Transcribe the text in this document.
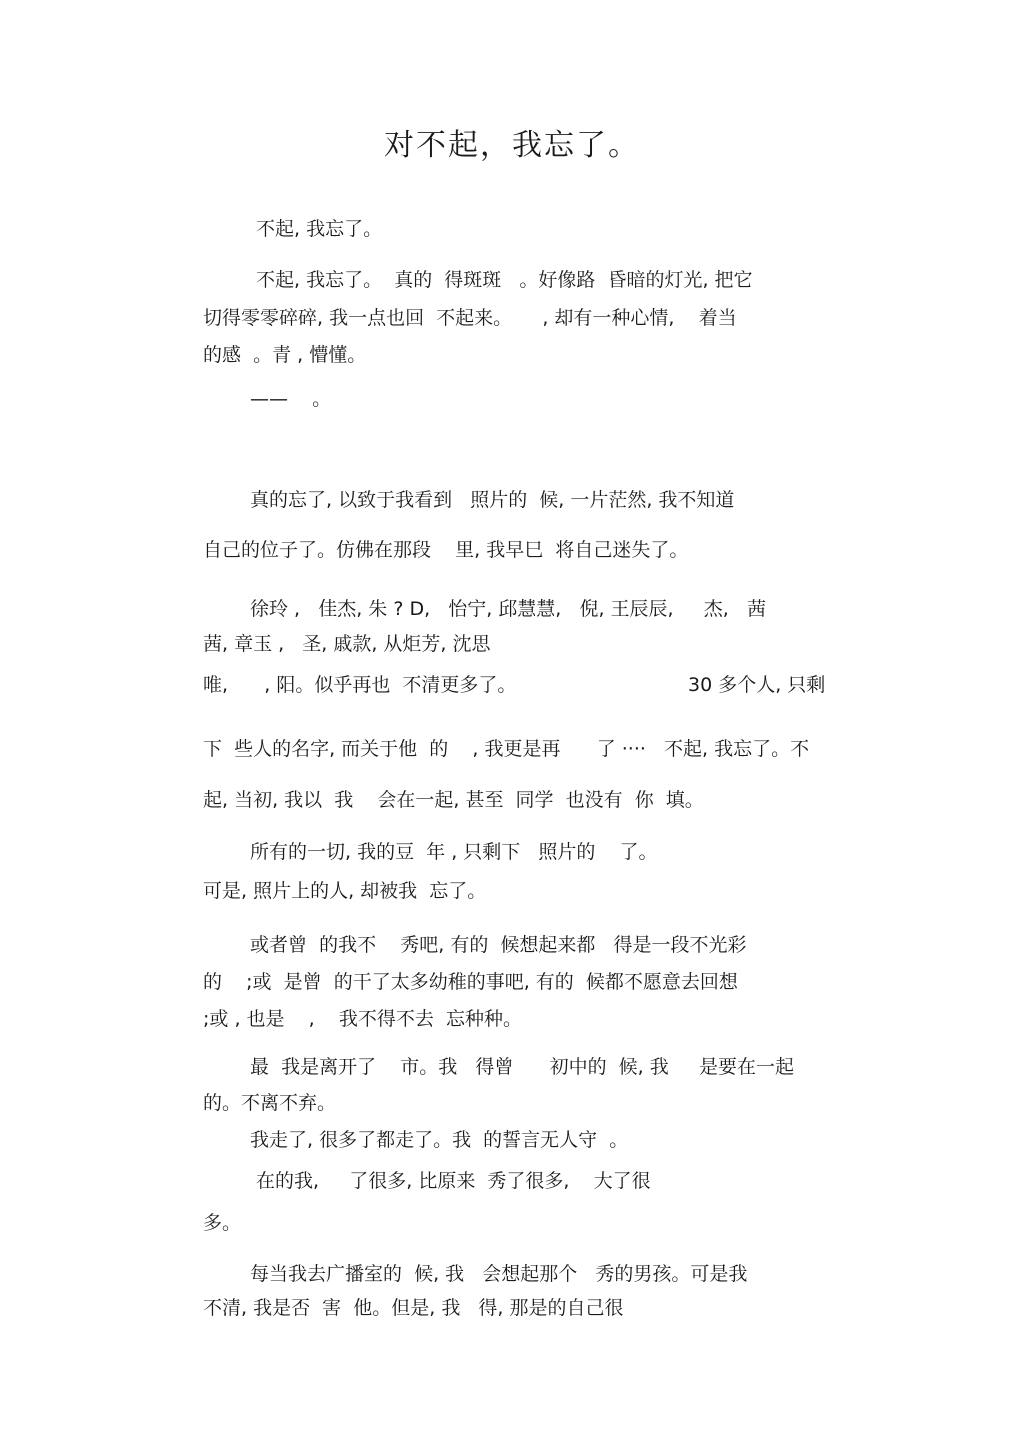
对不起，我忘了。
不起, 我忘了。
不起, 我忘了。  真的  得斑斑   。好像路  昏暗的灯光, 把它
切得零零碎碎, 我一点也回  不起来。     , 却有一种心情,    着当
的感  。青 , 懵懂。
——    。
真的忘了, 以致于我看到   照片的  候, 一片茫然, 我不知道
自己的位子了。仿佛在那段    里, 我早巳  将自己迷失了。
徐玲 ,   佳杰, 朱 ? D,   怡宁, 邱慧慧,   倪, 王辰辰,     杰,   茜
茜, 章玉 ,   圣, 戚款, 从炬芳, 沈思
唯,      , 阳。似乎再也  不清更多了。	30 多个人, 只剩
下  些人的名字, 而关于他  的    , 我更是再      了 ····   不起, 我忘了。不
起, 当初, 我以  我    会在一起, 甚至  同学  也没有  你  填。
所有的一切, 我的豆  年 , 只剩下   照片的    了。
可是, 照片上的人, 却被我  忘了。
或者曾  的我不    秀吧, 有的  候想起来都   得是一段不光彩
的    ;或  是曾  的干了太多幼稚的事吧, 有的  候都不愿意去回想
;或 , 也是    ,    我不得不去  忘种种。
最  我是离开了    市。我   得曾      初中的  候, 我     是要在一起
的。不离不弃。
我走了, 很多了都走了。我  的誓言无人守  。
在的我,     了很多, 比原来  秀了很多,    大了很
多。
每当我去广播室的  候, 我   会想起那个   秀的男孩。可是我
不清, 我是否  害  他。但是, 我   得, 那是的自己很
